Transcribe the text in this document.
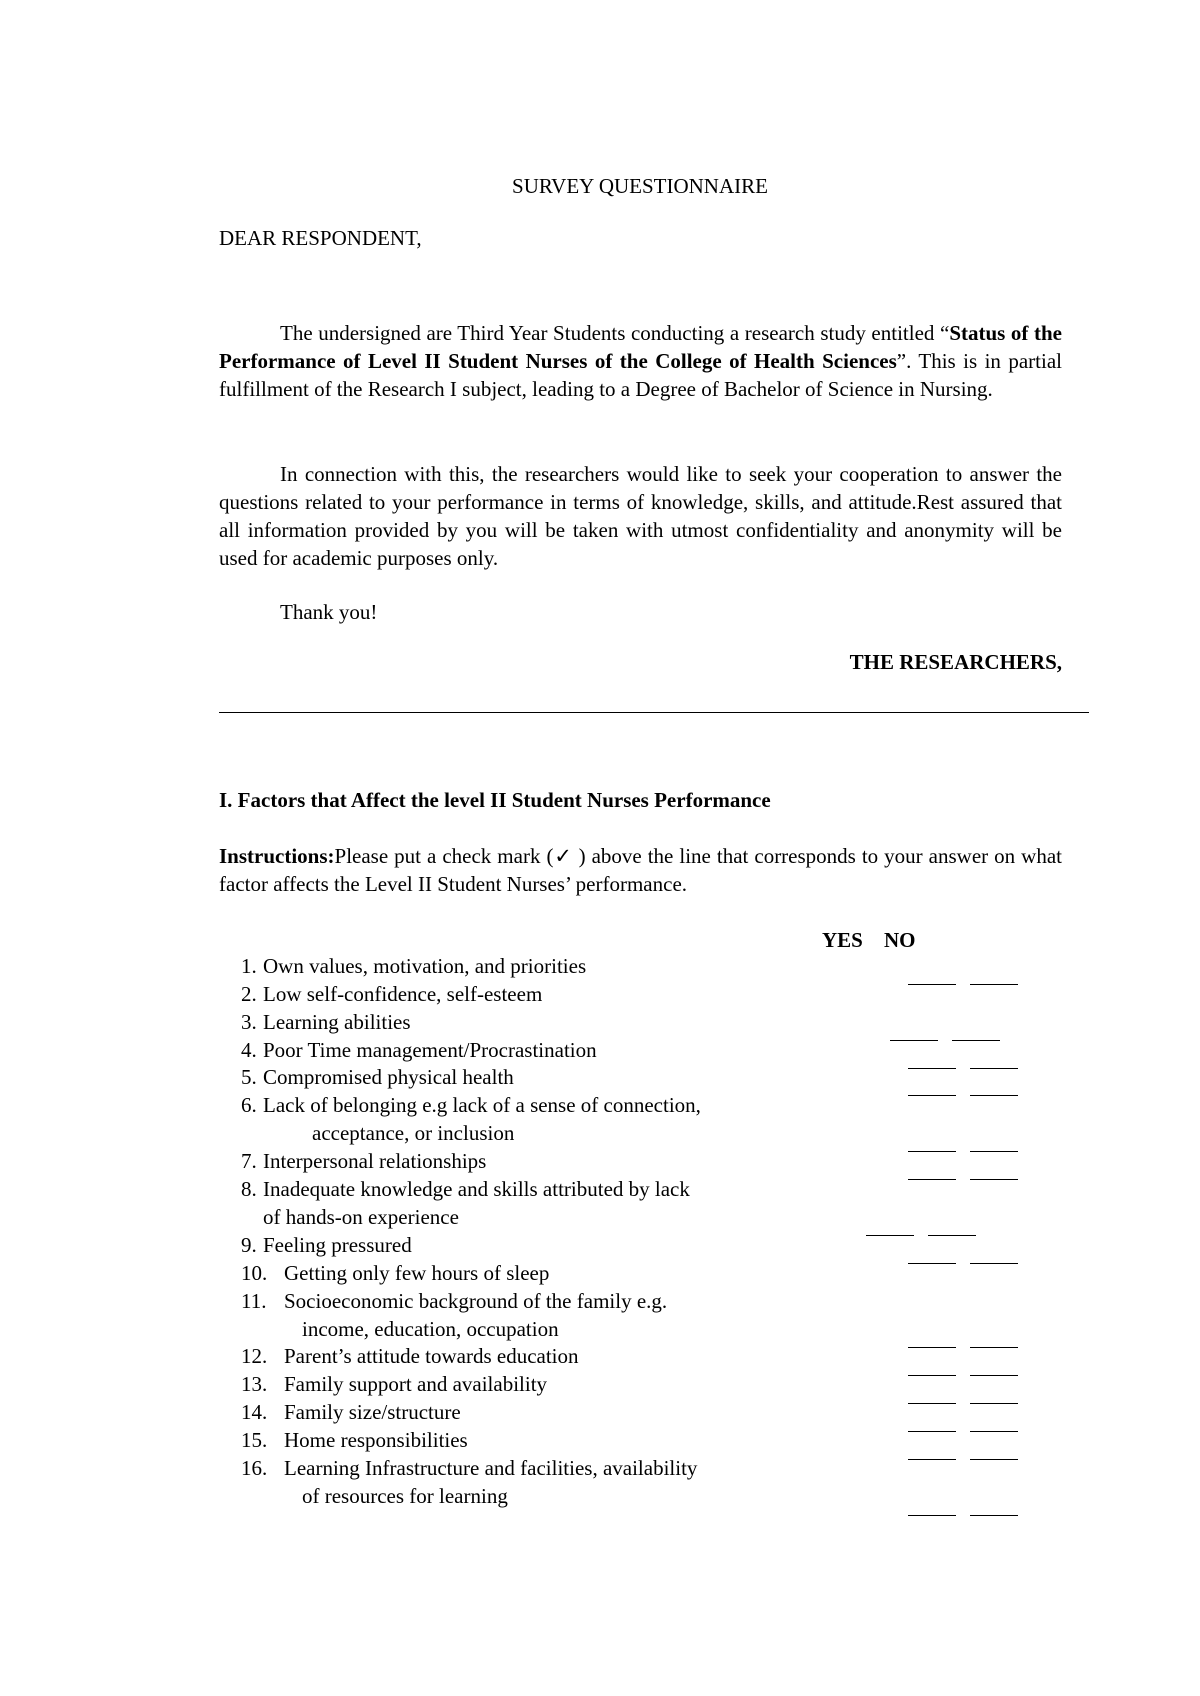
SURVEY QUESTIONNAIRE
DEAR RESPONDENT,
The undersigned are Third Year Students conducting a research study entitled “Status of the Performance of Level II Student Nurses of the College of Health Sciences”. This is in partial fulfillment of the Research I subject, leading to a Degree of Bachelor of Science in Nursing.
In connection with this, the researchers would like to seek your cooperation to answer the questions related to your performance in terms of knowledge, skills, and attitude.Rest assured that all information provided by you will be taken with utmost confidentiality and anonymity will be used for academic purposes only.
Thank you!
THE RESEARCHERS,
I. Factors that Affect the level II Student Nurses Performance
Instructions:Please put a check mark (✓ ) above the line that corresponds to your answer on what factor affects the Level II Student Nurses’ performance.
YES NO
1. Own values, motivation, and priorities
2. Low self-confidence, self-esteem
3. Learning abilities
4. Poor Time management/Procrastination
5. Compromised physical health
6. Lack of belonging e.g lack of a sense of connection,
acceptance, or inclusion
7. Interpersonal relationships
8. Inadequate knowledge and skills attributed by lack
of hands-on experience
9. Feeling pressured
10. Getting only few hours of sleep
11. Socioeconomic background of the family e.g.
income, education, occupation
12. Parent’s attitude towards education
13. Family support and availability
14. Family size/structure
15. Home responsibilities
16. Learning Infrastructure and facilities, availability
of resources for learning
